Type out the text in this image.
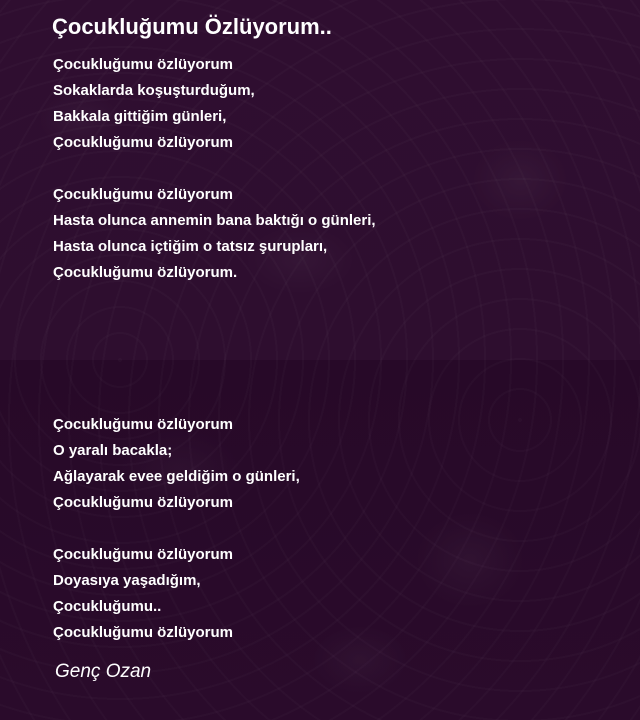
Çocukluğumu Özlüyorum..
Çocukluğumu özlüyorum
Sokaklarda koşuşturduğum,
Bakkala gittiğim günleri,
Çocukluğumu özlüyorum
Çocukluğumu özlüyorum
Hasta olunca annemin bana baktığı o günleri,
Hasta olunca içtiğim o tatsız şurupları,
Çocukluğumu özlüyorum.
Çocukluğumu özlüyorum
O yaralı bacakla;
Ağlayarak evee geldiğim o günleri,
Çocukluğumu özlüyorum
Çocukluğumu özlüyorum
Doyasıya yaşadığım,
Çocukluğumu..
Çocukluğumu özlüyorum
Genç Ozan
